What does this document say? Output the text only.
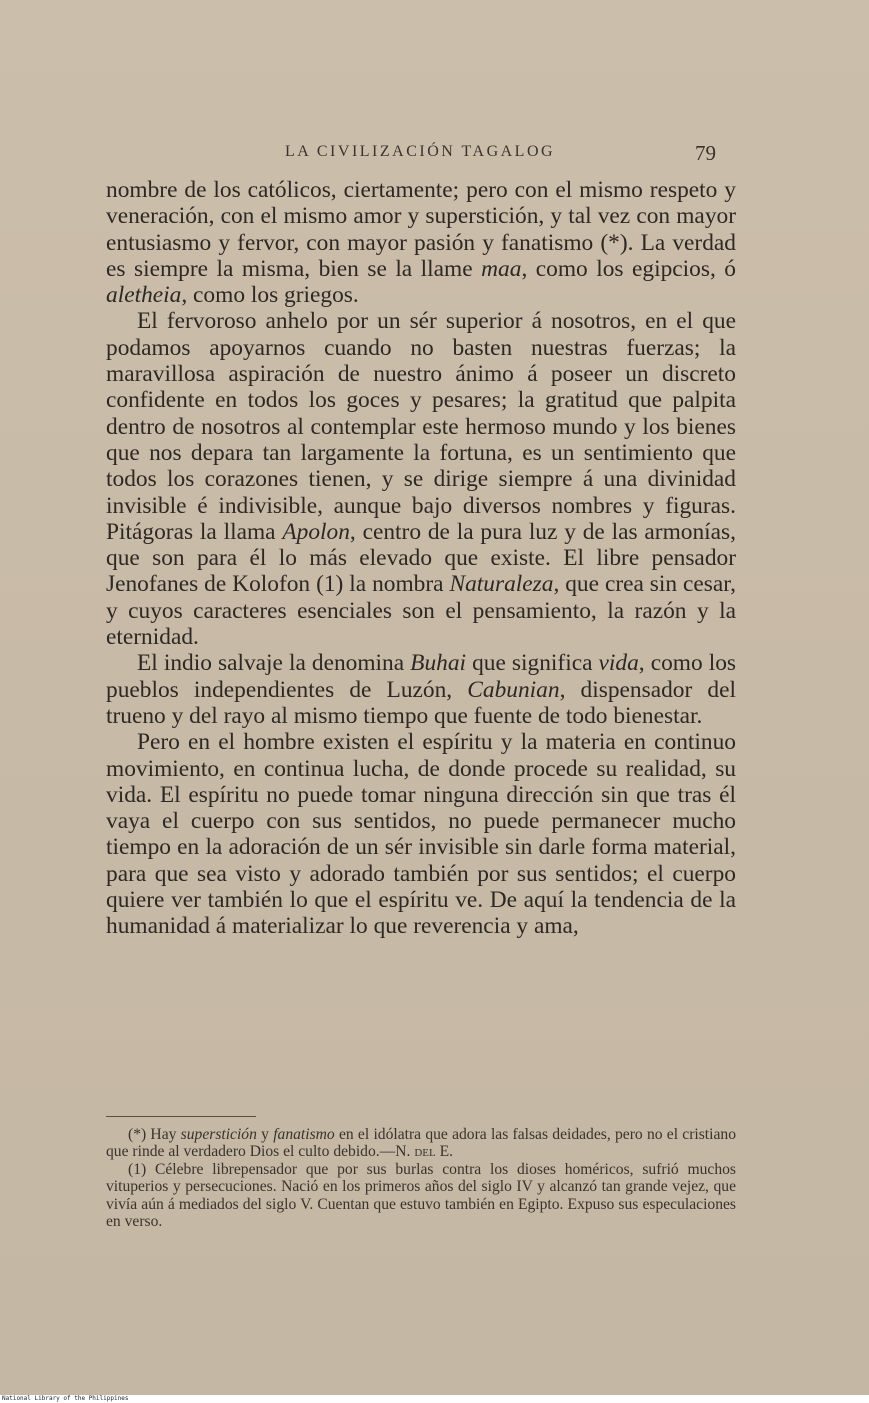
LA CIVILIZACIÓN TAGALOG	79

nombre de los católicos, ciertamente; pero con el mismo respeto y veneración, con el mismo amor y superstición, y tal vez con mayor entusiasmo y fervor, con mayor pasión y fanatismo (*). La verdad es siempre la misma, bien se la llame maa, como los egipcios, ó aletheia, como los griegos.

El fervoroso anhelo por un sér superior á nosotros, en el que podamos apoyarnos cuando no basten nuestras fuerzas; la maravillosa aspiración de nuestro ánimo á poseer un discreto confidente en todos los goces y pesares; la gratitud que palpita dentro de nosotros al contemplar este hermoso mundo y los bienes que nos depara tan largamente la fortuna, es un sentimiento que todos los corazones tienen, y se dirige siempre á una divinidad invisible é indivisible, aunque bajo diversos nombres y figuras. Pitágoras la llama Apolon, centro de la pura luz y de las armonías, que son para él lo más elevado que existe. El libre pensador Jenofanes de Kolofon (1) la nombra Naturaleza, que crea sin cesar, y cuyos caracteres esenciales son el pensamiento, la razón y la eternidad.

El indio salvaje la denomina Buhai que significa vida, como los pueblos independientes de Luzón, Cabunian, dispensador del trueno y del rayo al mismo tiempo que fuente de todo bienestar.

Pero en el hombre existen el espíritu y la materia en continuo movimiento, en continua lucha, de donde procede su realidad, su vida. El espíritu no puede tomar ninguna dirección sin que tras él vaya el cuerpo con sus sentidos, no puede permanecer mucho tiempo en la adoración de un sér invisible sin darle forma material, para que sea visto y adorado también por sus sentidos; el cuerpo quiere ver también lo que el espíritu ve. De aquí la tendencia de la humanidad á materializar lo que reverencia y ama,

(*) Hay superstición y fanatismo en el idólatra que adora las falsas deidades, pero no el cristiano que rinde al verdadero Dios el culto debido.—N. del E.

(1) Célebre librepensador que por sus burlas contra los dioses homéricos, sufrió muchos vituperios y persecuciones. Nació en los primeros años del siglo IV y alcanzó tan grande vejez, que vivía aún á mediados del siglo V. Cuentan que estuvo también en Egipto. Expuso sus especulaciones en verso.

National Library of the Philippines
